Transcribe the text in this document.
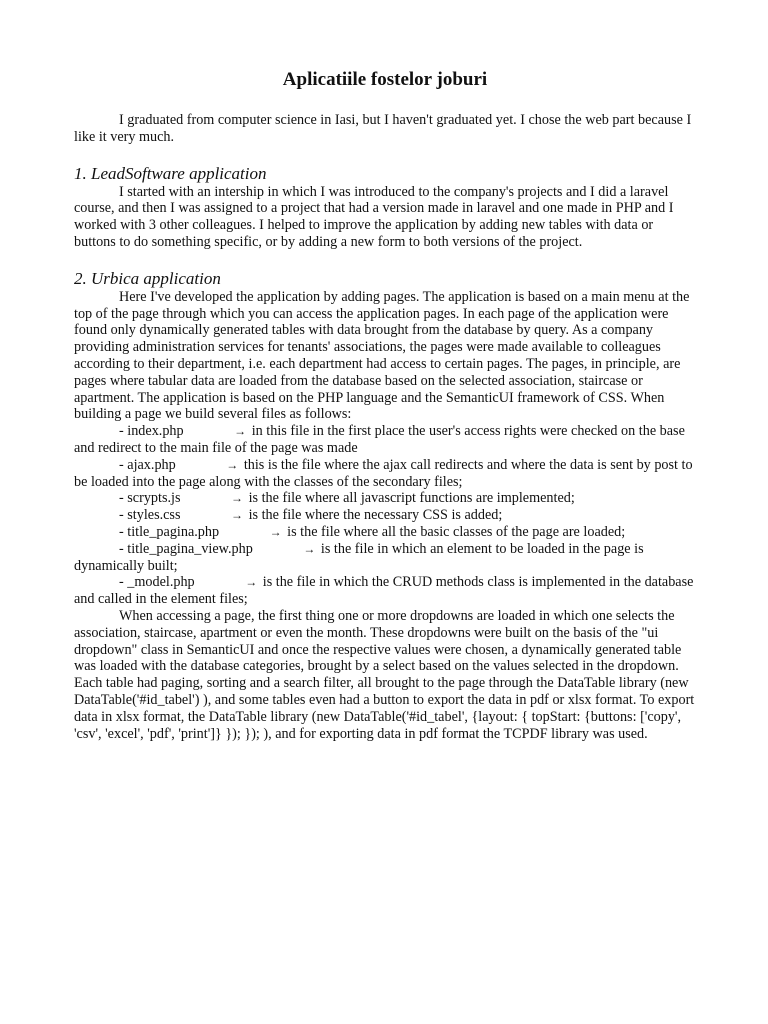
Aplicatiile fostelor joburi

I graduated from computer science in Iasi, but I haven't graduated yet. I chose the web part because I like it very much.

1. LeadSoftware application

I started with an intership in which I was introduced to the company's projects and I did a laravel course, and then I was assigned to a project that had a version made in laravel and one made in PHP and I worked with 3 other colleagues. I helped to improve the application by adding new tables with data or buttons to do something specific, or by adding a new form to both versions of the project.

2. Urbica application

Here I've developed the application by adding pages. The application is based on a main menu at the top of the page through which you can access the application pages. In each page of the application were found only dynamically generated tables with data brought from the database by query. As a company providing administration services for tenants' associations, the pages were made available to colleagues according to their department, i.e. each department had access to certain pages. The pages, in principle, are pages where tabular data are loaded from the database based on the selected association, staircase or apartment. The application is based on the PHP language and the SemanticUI framework of CSS. When building a page we build several files as follows:

- index.php	→ in this file in the first place the user's access rights were checked on the base and redirect to the main file of the page was made

- ajax.php	→ this is the file where the ajax call redirects and where the data is sent by post to be loaded into the page along with the classes of the secondary files;

- scrypts.js	→ is the file where all javascript functions are implemented;

- styles.css	→ is the file where the necessary CSS is added;

- title_pagina.php	→ is the file where all the basic classes of the page are loaded;

- title_pagina_view.php	→ is the file in which an element to be loaded in the page is dynamically built;

- _model.php	→ is the file in which the CRUD methods class is implemented in the database and called in the element files;

When accessing a page, the first thing one or more dropdowns are loaded in which one selects the association, staircase, apartment or even the month. These dropdowns were built on the basis of the "ui dropdown" class in SemanticUI and once the respective values were chosen, a dynamically generated table was loaded with the database categories, brought by a select based on the values selected in the dropdown. Each table had paging, sorting and a search filter, all brought to the page through the DataTable library (new DataTable('#id_tabel') ), and some tables even had a button to export the data in pdf or xlsx format. To export data in xlsx format, the DataTable library (new DataTable('#id_tabel', {layout: { topStart: {buttons: ['copy', 'csv', 'excel', 'pdf', 'print']} }); }); ), and for exporting data in pdf format the TCPDF library was used.
